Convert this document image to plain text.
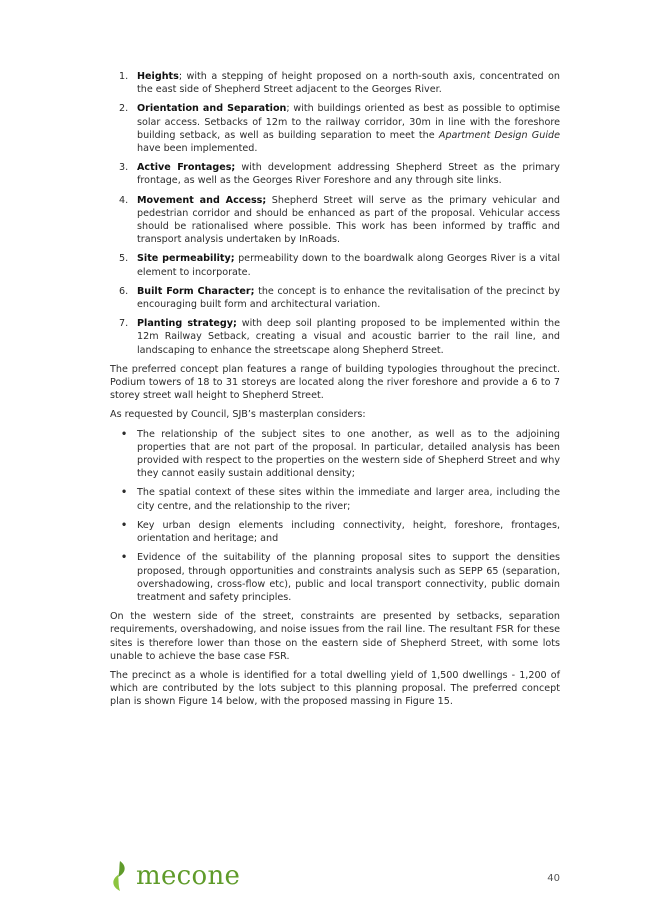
1. Heights; with a stepping of height proposed on a north-south axis, concentrated on the east side of Shepherd Street adjacent to the Georges River.
2. Orientation and Separation; with buildings oriented as best as possible to optimise solar access. Setbacks of 12m to the railway corridor, 30m in line with the foreshore building setback, as well as building separation to meet the Apartment Design Guide have been implemented.
3. Active Frontages; with development addressing Shepherd Street as the primary frontage, as well as the Georges River Foreshore and any through site links.
4. Movement and Access; Shepherd Street will serve as the primary vehicular and pedestrian corridor and should be enhanced as part of the proposal. Vehicular access should be rationalised where possible. This work has been informed by traffic and transport analysis undertaken by InRoads.
5. Site permeability; permeability down to the boardwalk along Georges River is a vital element to incorporate.
6. Built Form Character; the concept is to enhance the revitalisation of the precinct by encouraging built form and architectural variation.
7. Planting strategy; with deep soil planting proposed to be implemented within the 12m Railway Setback, creating a visual and acoustic barrier to the rail line, and landscaping to enhance the streetscape along Shepherd Street.

The preferred concept plan features a range of building typologies throughout the precinct. Podium towers of 18 to 31 storeys are located along the river foreshore and provide a 6 to 7 storey street wall height to Shepherd Street.

As requested by Council, SJB’s masterplan considers:

• The relationship of the subject sites to one another, as well as to the adjoining properties that are not part of the proposal. In particular, detailed analysis has been provided with respect to the properties on the western side of Shepherd Street and why they cannot easily sustain additional density;
• The spatial context of these sites within the immediate and larger area, including the city centre, and the relationship to the river;
• Key urban design elements including connectivity, height, foreshore, frontages, orientation and heritage; and
• Evidence of the suitability of the planning proposal sites to support the densities proposed, through opportunities and constraints analysis such as SEPP 65 (separation, overshadowing, cross-flow etc), public and local transport connectivity, public domain treatment and safety principles.

On the western side of the street, constraints are presented by setbacks, separation requirements, overshadowing, and noise issues from the rail line. The resultant FSR for these sites is therefore lower than those on the eastern side of Shepherd Street, with some lots unable to achieve the base case FSR.

The precinct as a whole is identified for a total dwelling yield of 1,500 dwellings - 1,200 of which are contributed by the lots subject to this planning proposal. The preferred concept plan is shown Figure 14 below, with the proposed massing in Figure 15.

mecone	40
